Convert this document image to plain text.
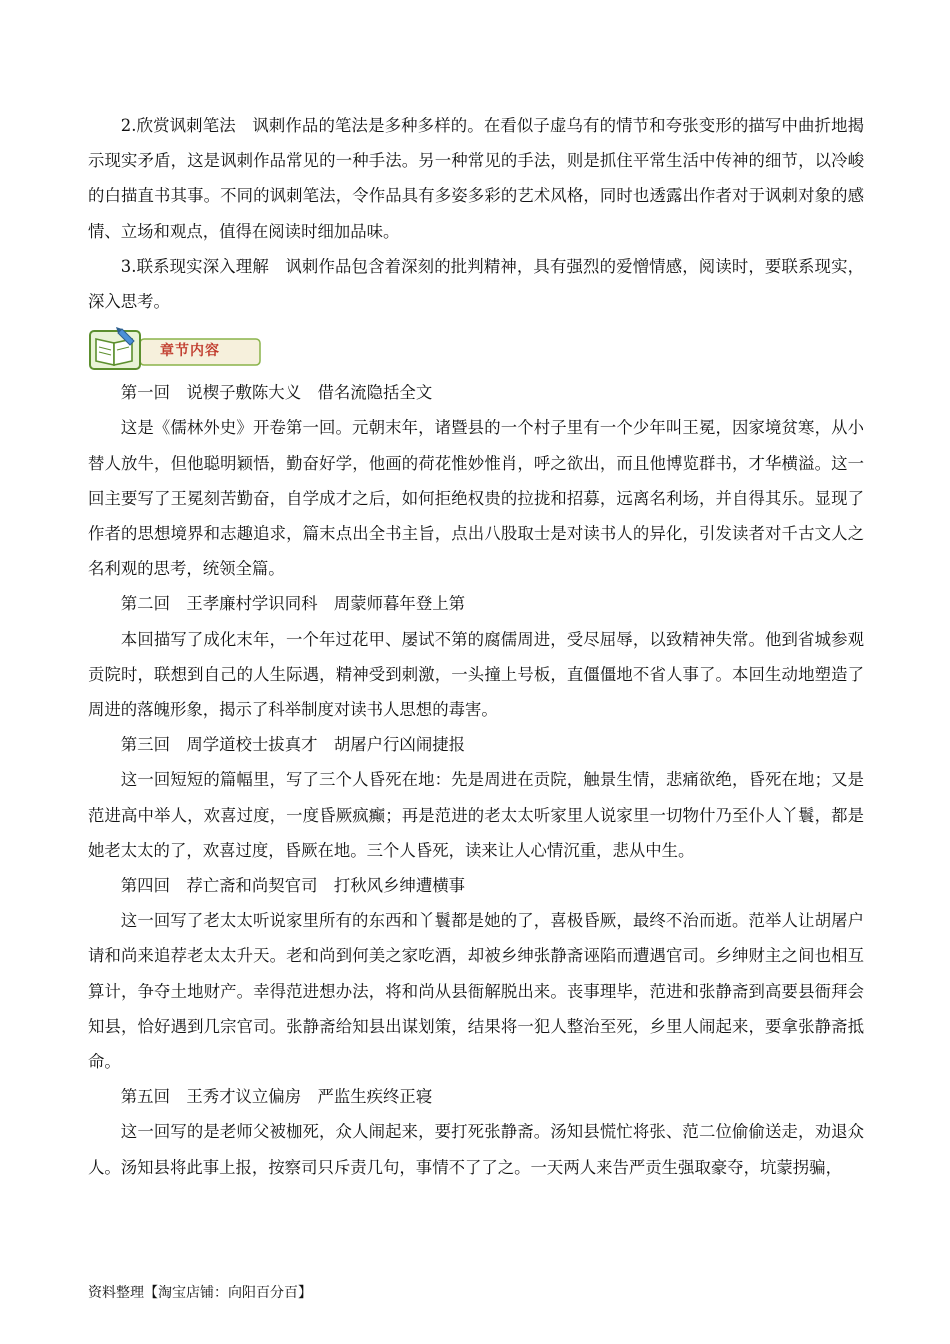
2.欣赏讽刺笔法　讽刺作品的笔法是多种多样的。在看似子虚乌有的情节和夸张变形的描写中曲折地揭示现实矛盾，这是讽刺作品常见的一种手法。另一种常见的手法，则是抓住平常生活中传神的细节，以冷峻的白描直书其事。不同的讽刺笔法，令作品具有多姿多彩的艺术风格，同时也透露出作者对于讽刺对象的感情、立场和观点，值得在阅读时细加品味。

3.联系现实深入理解　讽刺作品包含着深刻的批判精神，具有强烈的爱憎情感，阅读时，要联系现实，深入思考。

章节内容

第一回　说楔子敷陈大义　借名流隐括全文

这是《儒林外史》开卷第一回。元朝末年，诸暨县的一个村子里有一个少年叫王冕，因家境贫寒，从小替人放牛，但他聪明颖悟，勤奋好学，他画的荷花惟妙惟肖，呼之欲出，而且他博览群书，才华横溢。这一回主要写了王冕刻苦勤奋，自学成才之后，如何拒绝权贵的拉拢和招募，远离名利场，并自得其乐。显现了作者的思想境界和志趣追求，篇末点出全书主旨，点出八股取士是对读书人的异化，引发读者对千古文人之名利观的思考，统领全篇。

第二回　王孝廉村学识同科　周蒙师暮年登上第

本回描写了成化末年，一个年过花甲、屡试不第的腐儒周进，受尽屈辱，以致精神失常。他到省城参观贡院时，联想到自己的人生际遇，精神受到刺激，一头撞上号板，直僵僵地不省人事了。本回生动地塑造了周进的落魄形象，揭示了科举制度对读书人思想的毒害。

第三回　周学道校士拔真才　胡屠户行凶闹捷报

这一回短短的篇幅里，写了三个人昏死在地：先是周进在贡院，触景生情，悲痛欲绝，昏死在地；又是范进高中举人，欢喜过度，一度昏厥疯癫；再是范进的老太太听家里人说家里一切物什乃至仆人丫鬟，都是她老太太的了，欢喜过度，昏厥在地。三个人昏死，读来让人心情沉重，悲从中生。

第四回　荐亡斋和尚契官司　打秋风乡绅遭横事

这一回写了老太太听说家里所有的东西和丫鬟都是她的了，喜极昏厥，最终不治而逝。范举人让胡屠户请和尚来追荐老太太升天。老和尚到何美之家吃酒，却被乡绅张静斋诬陷而遭遇官司。乡绅财主之间也相互算计，争夺土地财产。幸得范进想办法，将和尚从县衙解脱出来。丧事理毕，范进和张静斋到高要县衙拜会知县，恰好遇到几宗官司。张静斋给知县出谋划策，结果将一犯人整治至死，乡里人闹起来，要拿张静斋抵命。

第五回　王秀才议立偏房　严监生疾终正寝

这一回写的是老师父被枷死，众人闹起来，要打死张静斋。汤知县慌忙将张、范二位偷偷送走，劝退众人。汤知县将此事上报，按察司只斥责几句，事情不了了之。一天两人来告严贡生强取豪夺，坑蒙拐骗，

资料整理【淘宝店铺：向阳百分百】
